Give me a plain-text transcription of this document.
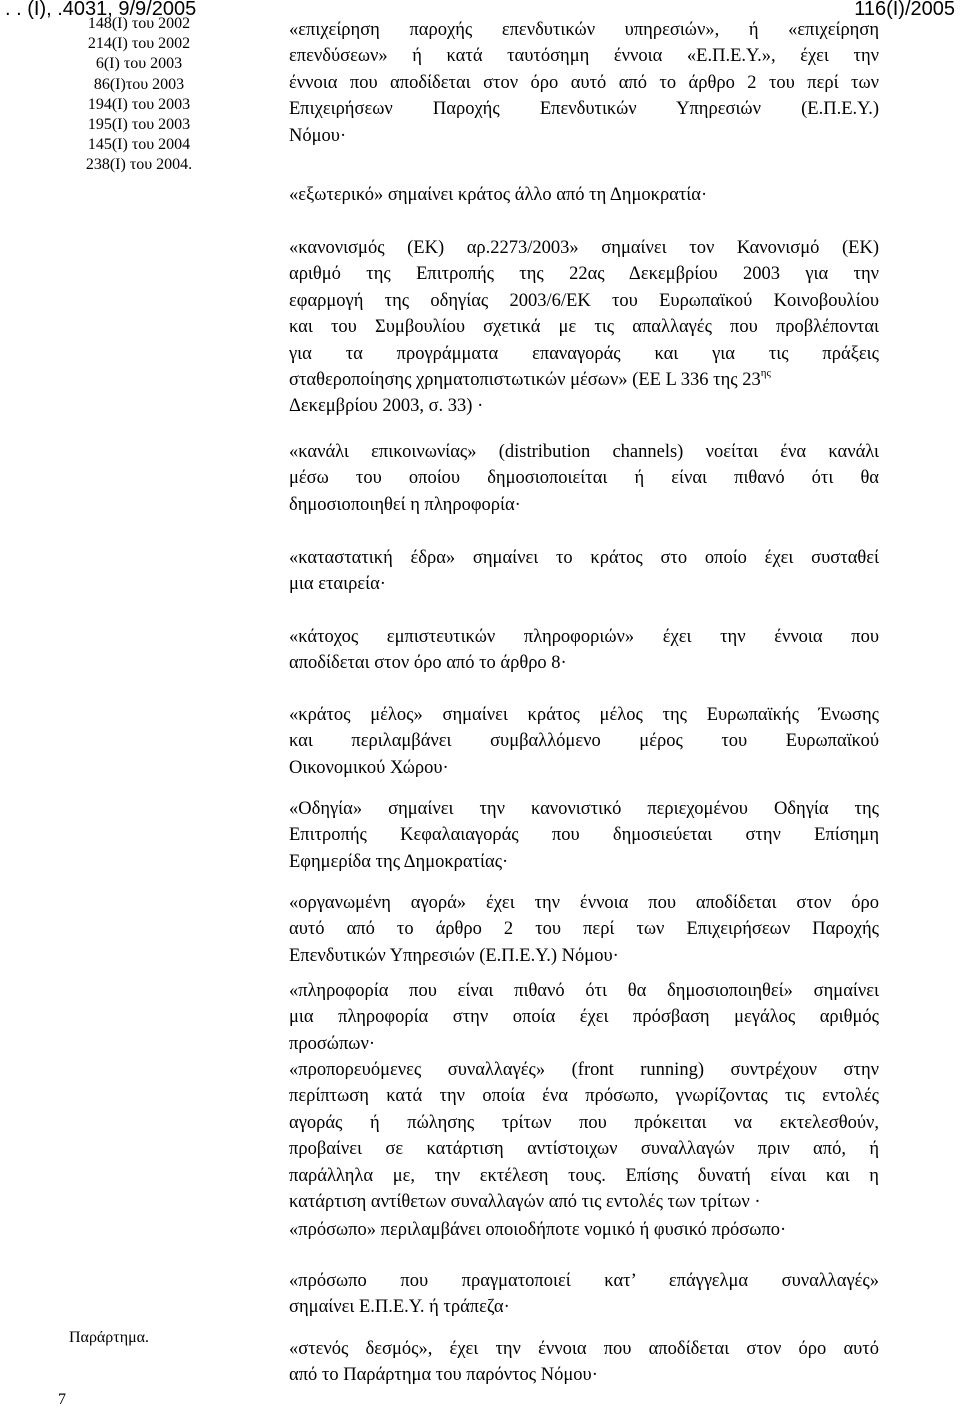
. . (Ι), .4031, 9/9/2005	116(Ι)/2005
148(Ι) του 2002
214(Ι) του 2002
6(Ι) του 2003
86(Ι)του 2003
194(Ι) του 2003
195(Ι) του 2003
145(Ι) του 2004
238(Ι) του 2004.
«επιχείρηση παροχής επενδυτικών υπηρεσιών», ή «επιχείρηση
επενδύσεων» ή κατά ταυτόσημη έννοια «Ε.Π.Ε.Υ.», έχει την
έννοια που αποδίδεται στον όρο αυτό από το άρθρο 2 του περί των
Επιχειρήσεων Παροχής Επενδυτικών Υπηρεσιών (Ε.Π.Ε.Υ.)
Νόμου·
«εξωτερικό» σημαίνει κράτος άλλο από τη Δημοκρατία·
«κανονισμός (ΕΚ) αρ.2273/2003» σημαίνει τον Κανονισμό (ΕΚ)
αριθμό της Επιτροπής της 22ας Δεκεμβρίου 2003 για την
εφαρμογή της οδηγίας 2003/6/ΕΚ του Ευρωπαϊκού Κοινοβουλίου
και του Συμβουλίου σχετικά με τις απαλλαγές που προβλέπονται
για τα προγράμματα επαναγοράς και για τις πράξεις
σταθεροποίησης χρηματοπιστωτικών μέσων» (ΕΕ L 336 της $23^{\eta\varsigma}$
Δεκεμβρίου 2003, σ. 33) ·
«κανάλι επικοινωνίας» (distribution channels) νοείται ένα κανάλι
μέσω του οποίου δημοσιοποιείται ή είναι πιθανό ότι θα
δημοσιοποιηθεί η πληροφορία·
«καταστατική έδρα» σημαίνει το κράτος στο οποίο έχει συσταθεί
μια εταιρεία·
«κάτοχος εμπιστευτικών πληροφοριών» έχει την έννοια που
αποδίδεται στον όρο από το άρθρο 8·
«κράτος μέλος» σημαίνει κράτος μέλος της Ευρωπαϊκής Ένωσης
και περιλαμβάνει συμβαλλόμενο μέρος του Ευρωπαϊκού
Οικονομικού Χώρου·
«Οδηγία» σημαίνει την κανονιστικό περιεχομένου Οδηγία της
Επιτροπής Κεφαλαιαγοράς που δημοσιεύεται στην Επίσημη
Εφημερίδα της Δημοκρατίας·
«οργανωμένη αγορά» έχει την έννοια που αποδίδεται στον όρο
αυτό από το άρθρο 2 του περί των Επιχειρήσεων Παροχής
Επενδυτικών Υπηρεσιών (Ε.Π.Ε.Υ.) Νόμου·
«πληροφορία που είναι πιθανό ότι θα δημοσιοποιηθεί» σημαίνει
μια πληροφορία στην οποία έχει πρόσβαση μεγάλος αριθμός
προσώπων·
«προπορευόμενες συναλλαγές» (front running) συντρέχουν στην
περίπτωση κατά την οποία ένα πρόσωπο, γνωρίζοντας τις εντολές
αγοράς ή πώλησης τρίτων που πρόκειται να εκτελεσθούν,
προβαίνει σε κατάρτιση αντίστοιχων συναλλαγών πριν από, ή
παράλληλα με, την εκτέλεση τους. Επίσης δυνατή είναι και η
κατάρτιση αντίθετων συναλλαγών από τις εντολές των τρίτων ·
«πρόσωπο» περιλαμβάνει οποιοδήποτε νομικό ή φυσικό πρόσωπο·
«πρόσωπο που πραγματοποιεί κατ’ επάγγελμα συναλλαγές»
σημαίνει Ε.Π.Ε.Υ. ή τράπεζα·
«στενός δεσμός», έχει την έννοια που αποδίδεται στον όρο αυτό
από το Παράρτημα του παρόντος Νόμου·
Παράρτημα.
7
